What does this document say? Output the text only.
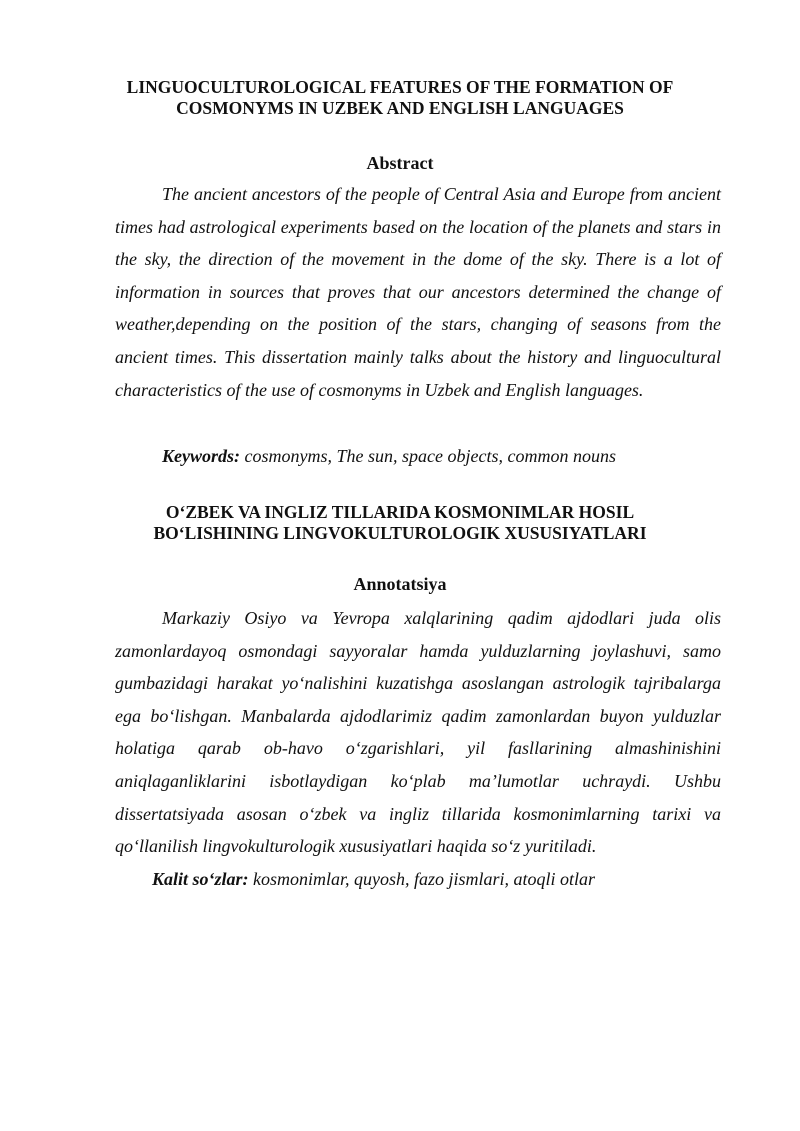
LINGUOCULTUROLOGICAL FEATURES OF THE FORMATION OF
COSMONYMS IN UZBEK AND ENGLISH LANGUAGES
Abstract

The ancient ancestors of the people of Central Asia and Europe from ancient times had astrological experiments based on the location of the planets and stars in the sky, the direction of the movement in the dome of the sky. There is a lot of information in sources that proves that our ancestors determined the change of weather,depending on the position of the stars, changing of seasons from the ancient times. This dissertation mainly talks about the history and linguocultural characteristics of the use of cosmonyms in Uzbek and English languages.

Keywords: cosmonyms, The sun, space objects, common nouns

O‘ZBEK VA INGLIZ TILLARIDA KOSMONIMLAR HOSIL
BO‘LISHINING LINGVOKULTUROLOGIK XUSUSIYATLARI
Annotatsiya

Markaziy Osiyo va Yevropa xalqlarining qadim ajdodlari juda olis zamonlardayoq osmondagi sayyoralar hamda yulduzlarning joylashuvi, samo gumbazidagi harakat yo‘nalishini kuzatishga asoslangan astrologik tajribalarga ega bo‘lishgan. Manbalarda ajdodlarimiz qadim zamonlardan buyon yulduzlar holatiga qarab ob-havo o‘zgarishlari, yil fasllarining almashinishini aniqlaganliklarini isbotlaydigan ko‘plab ma’lumotlar uchraydi. Ushbu dissertatsiyada asosan o‘zbek va ingliz tillarida kosmonimlarning tarixi va qo‘llanilish lingvokulturologik xususiyatlari haqida so‘z yuritiladi.

Kalit so‘zlar: kosmonimlar, quyosh, fazo jismlari, atoqli otlar
